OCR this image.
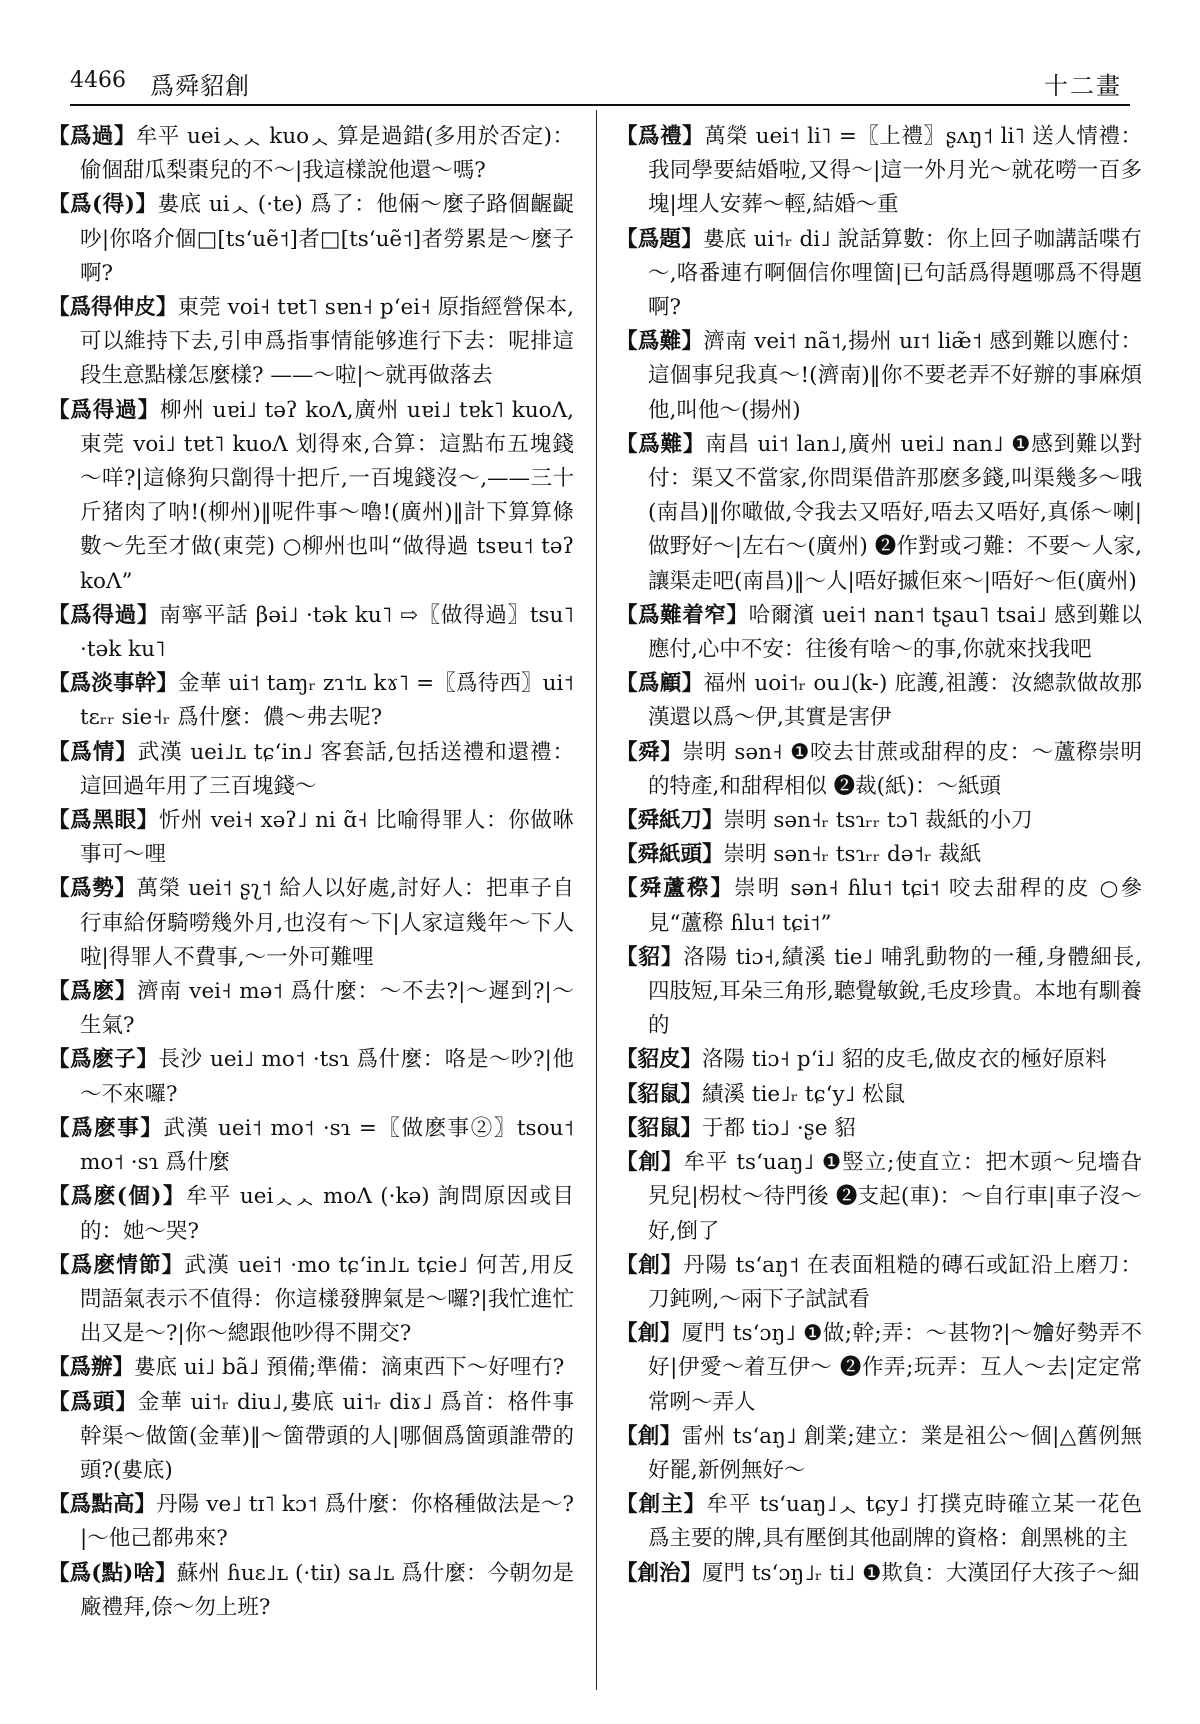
4466 爲舜貂創	十二畫

【爲過】牟平 ueiᆺᆺ kuoᆺ 算是過錯(多用於否定)：偷個甜瓜梨棗兒的不～|我這樣說他還～嗎?

【爲(得)】婁底 uiᆺ (·te) 爲了：他倆～麼子路個齷齪吵|你咯介個□[tsʻuẽ˦]者□[tsʻuẽ˦]者勞累是～麼子啊?

【爲得伸皮】東莞 voi˧ tɐt˥ sɐn˧ pʻei˧ 原指經營保本,可以維持下去,引申爲指事情能够進行下去：呢排這段生意點樣怎麼樣? ——～啦|～就再做落去

【爲得過】柳州 uɐi˩ təʔ koɅ,廣州 uɐi˩ tɐk˥ kuoɅ,東莞 voi˩ tɐt˥ kuoɅ 划得來,合算：這點布五塊錢～咩?|這條狗只劏得十把斤,一百塊錢沒～,——三十斤猪肉了呐!(柳州)‖呢件事～嚕!(廣州)‖計下算算條數～先至才做(東莞) ○柳州也叫“做得過 tsɐu˦ təʔ koɅ”

【爲得過】南寧平話 βəi˩ ·tək ku˥ ⇨〖做得過〗tsu˥ ·tək ku˥

【爲淡事幹】金華 ui˦ taɱᵣ zɿ˦ʟ kɤ˥ =〖爲待西〗ui˦ tɛᵣᵣ sie˧ᵣ 爲什麼：儂～弗去呢?

【爲情】武漢 uei˩ʟ tɕʻin˩ 客套話,包括送禮和還禮：這回過年用了三百塊錢～

【爲黑眼】忻州 vei˧ xəʔ˩ ni ɑ̃˧ 比喻得罪人：你做咻事可～哩

【爲勢】萬榮 uei˦ ʂʅ˦ 給人以好處,討好人：把車子自行車給伢騎嘮幾外月,也沒有～下|人家這幾年～下人啦|得罪人不費事,～一外可難哩

【爲麽】濟南 vei˧ mə˦ 爲什麼：～不去?|～遲到?|～生氣?

【爲麽子】長沙 uei˩ mo˦ ·tsɿ 爲什麼：咯是～吵?|他～不來囉?

【爲麽事】武漢 uei˦ mo˦ ·sɿ =〖做麽事②〗tsou˦ mo˦ ·sɿ 爲什麼

【爲麽(個)】牟平 ueiᆺᆺ moɅ (·kə) 詢問原因或目的：她～哭?

【爲麽情節】武漢 uei˦ ·mo tɕʻin˩ʟ tɕie˩ 何苦,用反問語氣表示不值得：你這樣發脾氣是～囉?|我忙進忙出又是～?|你～總跟他吵得不開交?

【爲辦】婁底 ui˩ bã˩ 預備;準備：滴東西下～好哩冇?

【爲頭】金華 ui˦ᵣ diu˩,婁底 ui˦ᵣ diɤ˩ 爲首：格件事幹渠～做箇(金華)‖～箇帶頭的人|哪個爲箇頭誰帶的頭?(婁底)

【爲點高】丹陽 ve˩ tɪ˥ kɔ˦ 爲什麼：你格種做法是～?|～他己都弗來?

【爲(點)啥】蘇州 ɦuɛ˩ʟ (·tiɪ) sa˩ʟ 爲什麼：今朝勿是廠禮拜,倷～勿上班?

【爲禮】萬榮 uei˦ li˥ =〖上禮〗ʂʌŋ˦ li˥ 送人情禮：我同學要結婚啦,又得～|這一外月光～就花嘮一百多塊|埋人安葬～輕,結婚～重

【爲題】婁底 ui˦ᵣ di˩ 說話算數：你上回子咖講話喋冇～,咯番連冇啊個信你哩箇|已句話爲得題哪爲不得題啊?

【爲難】濟南 vei˦ nã˦,揚州 uɪ˦ liæ̃˦ 感到難以應付：這個事兒我真～!(濟南)‖你不要老弄不好辦的事麻煩他,叫他～(揚州)

【爲難】南昌 ui˦ lan˩,廣州 uɐi˩ nan˩ ❶感到難以對付：渠又不當家,你問渠借許那麽多錢,叫渠幾多～哦(南昌)‖你噉做,令我去又唔好,唔去又唔好,真係～喇|做野好～|左右～(廣州) ❷作對或刁難：不要～人家,讓渠走吧(南昌)‖～人|唔好摵佢來～|唔好～佢(廣州)

【爲難着窄】哈爾濱 uei˦ nan˦ tʂau˥ tsai˩ 感到難以應付,心中不安：往後有啥～的事,你就來找我吧

【爲顧】福州 uoi˦ᵣ ou˩(k-) 庇護,祖護：汝總款做故那漢還以爲～伊,其實是害伊

【舜】崇明 sən˧ ❶咬去甘蔗或甜稈的皮：～蘆穄崇明的特產,和甜稈相似 ❷裁(紙)：～紙頭

【舜紙刀】崇明 sən˧ᵣ tsɿᵣᵣ tɔ˥ 裁紙的小刀

【舜紙頭】崇明 sən˧ᵣ tsɿᵣᵣ də˦ᵣ 裁紙

【舜蘆穄】崇明 sən˧ ɦlu˦ tɕi˦ 咬去甜稈的皮 ○參見“蘆穄 ɦlu˦ tɕi˦”

【貂】洛陽 tiɔ˧,績溪 tie˩ 哺乳動物的一種,身體細長,四肢短,耳朵三角形,聽覺敏銳,毛皮珍貴。本地有馴養的

【貂皮】洛陽 tiɔ˧ pʻi˩ 貂的皮毛,做皮衣的極好原料

【貂鼠】績溪 tie˩ᵣ tɕʻy˩ 松鼠

【貂鼠】于都 tiɔ˩ ·ʂe 貂

【創】牟平 tsʻuaŋ˩ ❶竪立;使直立：把木頭～兒墻旮旯兒|枴杖～待門後 ❷支起(車)：～自行車|車子沒～好,倒了

【創】丹陽 tsʻaŋ˦ 在表面粗糙的磚石或缸沿上磨刀：刀鈍咧,～兩下子試試看

【創】厦門 tsʻɔŋ˩ ❶做;幹;弄：～甚物?|～𣍐好勢弄不好|伊愛～着互伊～ ❷作弄;玩弄：互人～去|定定常常咧～弄人

【創】雷州 tsʻaŋ˩ 創業;建立：業是祖公～個|△舊例無好罷,新例無好～

【創主】牟平 tsʻuaŋ˩ᆺ tɕy˩ 打撲克時確立某一花色爲主要的牌,具有壓倒其他副牌的資格：創黑桃的主

【創治】厦門 tsʻɔŋ˩ᵣ ti˩ ❶欺負：大漢囝仔大孩子～細
